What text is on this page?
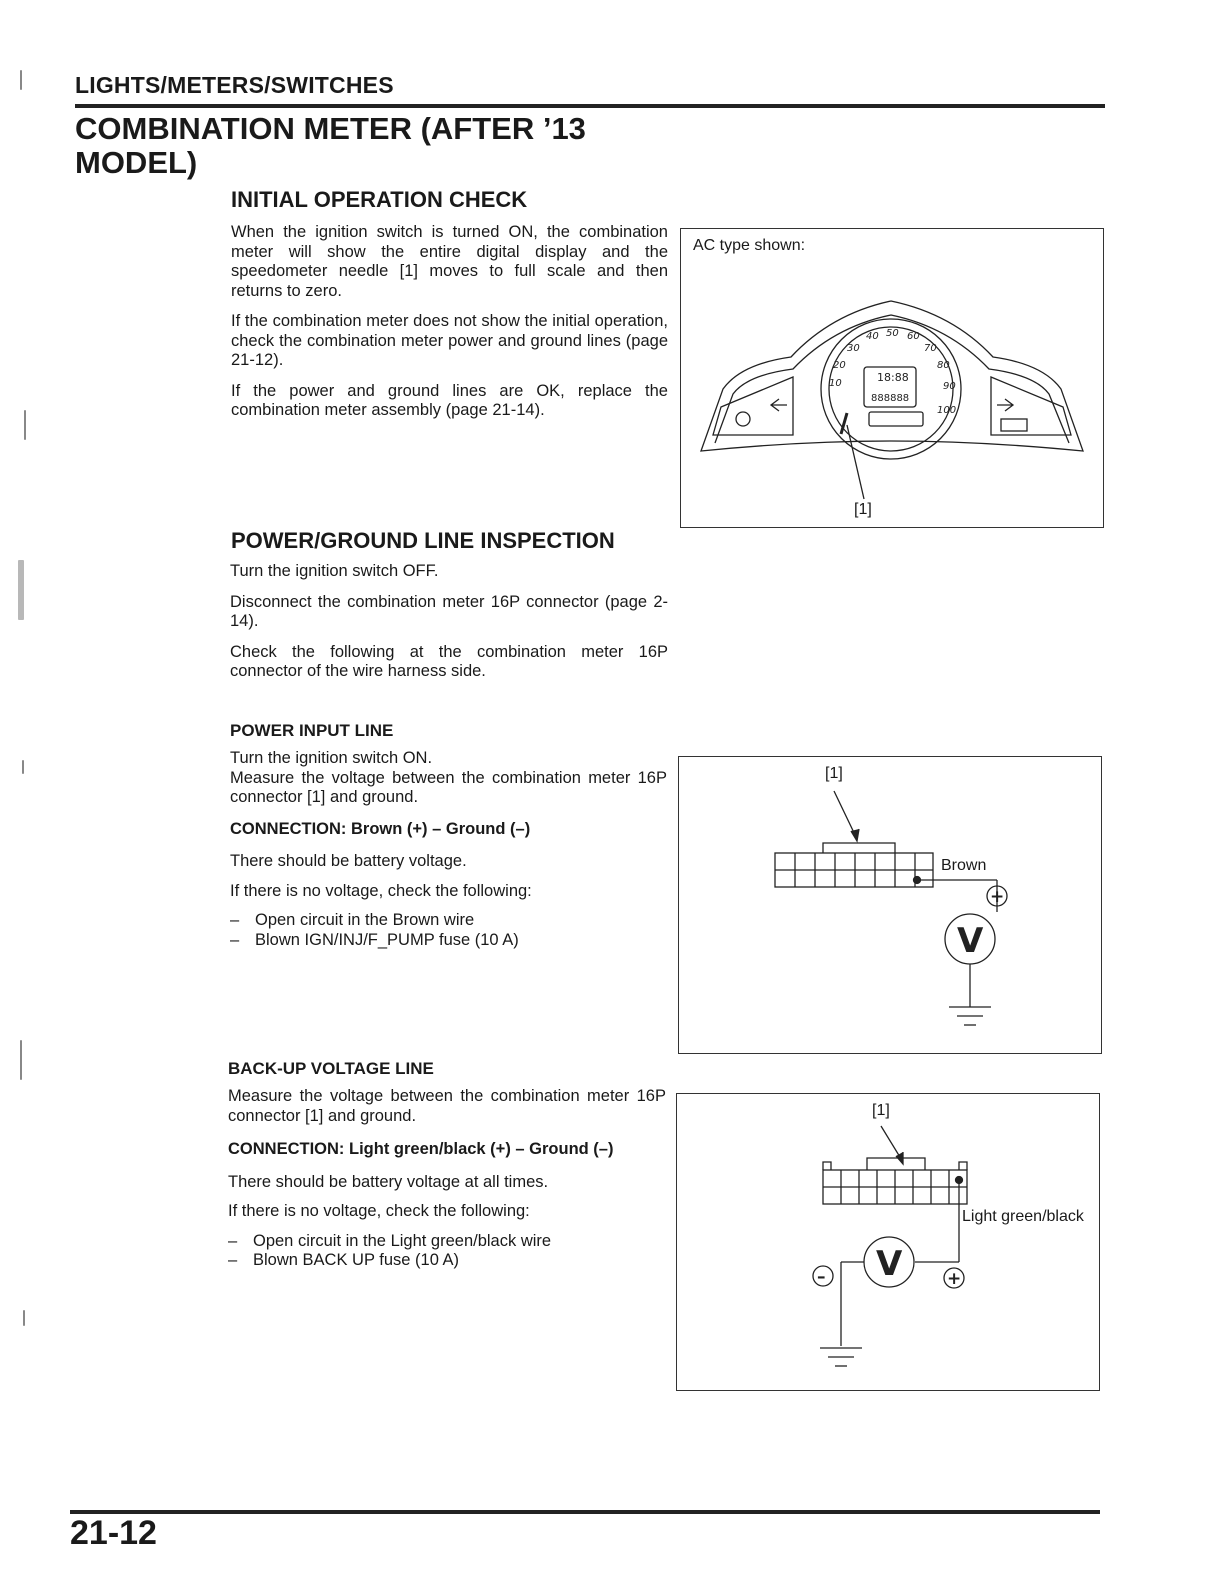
LIGHTS/METERS/SWITCHES
COMBINATION METER (AFTER ’13 MODEL)
INITIAL OPERATION CHECK

When the ignition switch is turned ON, the combination meter will show the entire digital display and the speedometer needle [1] moves to full scale and then returns to zero.

If the combination meter does not show the initial operation, check the combination meter power and ground lines (page 21-12).

If the power and ground lines are OK, replace the combination meter assembly (page 21-14).

AC type shown:
10
20
30
40 50 60
70
80
90
100
18:88
888888
[1]
POWER/GROUND LINE INSPECTION

Turn the ignition switch OFF.

Disconnect the combination meter 16P connector (page 2-14).

Check the following at the combination meter 16P connector of the wire harness side.

POWER INPUT LINE

Turn the ignition switch ON.

Measure the voltage between the combination meter 16P connector [1] and ground.

CONNECTION: Brown (+) – Ground (–)

There should be battery voltage.

If there is no voltage, check the following:

– Open circuit in the Brown wire
– Blown IGN/INJ/F_PUMP fuse (10 A)
[1]
V
+
Brown
BACK-UP VOLTAGE LINE

Measure the voltage between the combination meter 16P connector [1] and ground.

CONNECTION: Light green/black (+) – Ground (–)

There should be battery voltage at all times.

If there is no voltage, check the following:

– Open circuit in the Light green/black wire
– Blown BACK UP fuse (10 A)
[1]
V	+
–
Light green/black
21-12
